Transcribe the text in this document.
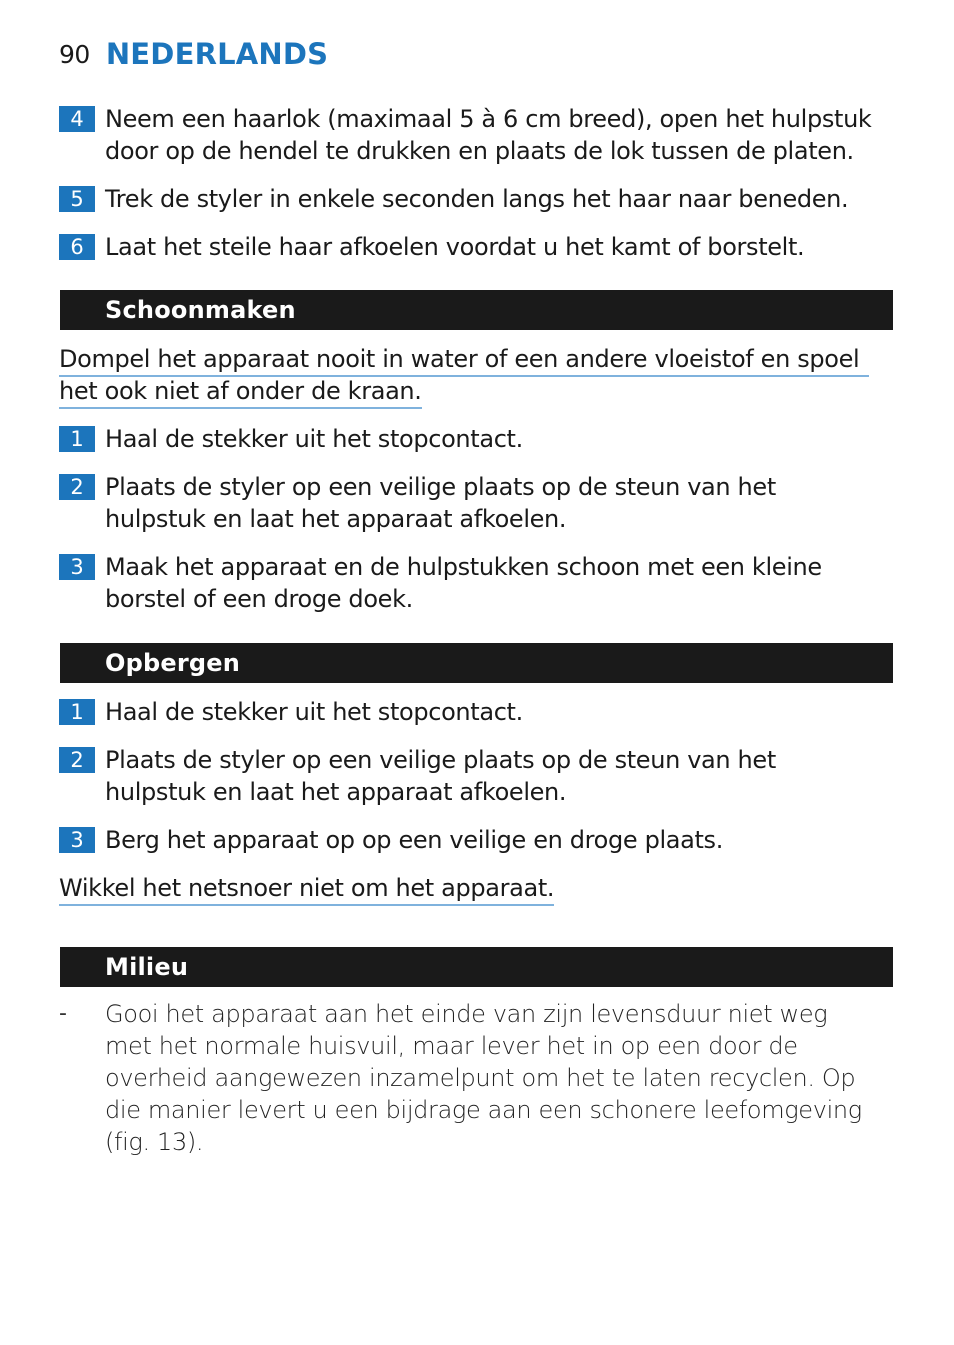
90 NEDERLANDS
4 Neem een haarlok (maximaal 5 à 6 cm breed), open het hulpstuk door op de hendel te drukken en plaats de lok tussen de platen.
5 Trek de styler in enkele seconden langs het haar naar beneden.
6 Laat het steile haar afkoelen voordat u het kamt of borstelt.
Schoonmaken
Dompel het apparaat nooit in water of een andere vloeistof en spoel
het ook niet af onder de kraan.
1 Haal de stekker uit het stopcontact.
2 Plaats de styler op een veilige plaats op de steun van het hulpstuk en laat het apparaat afkoelen.
3 Maak het apparaat en de hulpstukken schoon met een kleine borstel of een droge doek.
Opbergen
1 Haal de stekker uit het stopcontact.
2 Plaats de styler op een veilige plaats op de steun van het hulpstuk en laat het apparaat afkoelen.
3 Berg het apparaat op op een veilige en droge plaats.
Wikkel het netsnoer niet om het apparaat.
Milieu
- Gooi het apparaat aan het einde van zijn levensduur niet weg met het normale huisvuil, maar lever het in op een door de overheid aangewezen inzamelpunt om het te laten recyclen. Op die manier levert u een bijdrage aan een schonere leefomgeving (fig. 13).
